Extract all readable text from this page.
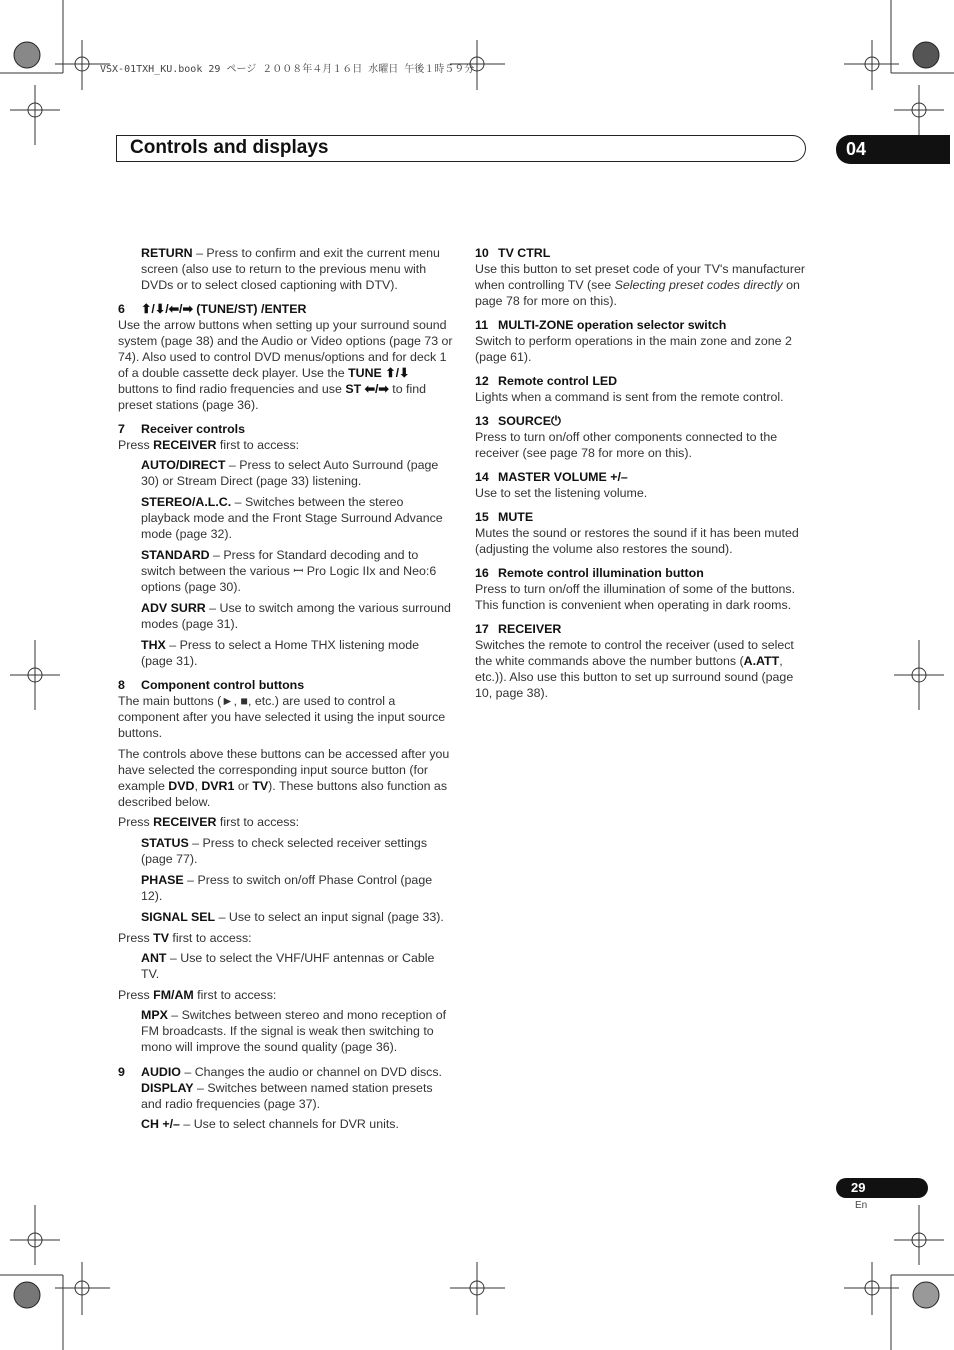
VSX-01TXH_KU.book 29 ページ ２００８年４月１６日 水曜日 午後１時５９分
Controls and displays	04

RETURN – Press to confirm and exit the current menu screen (also use to return to the previous menu with DVDs or to select closed captioning with DTV).

6 ⬆/⬇/⬅/➡ (TUNE/ST) /ENTER

Use the arrow buttons when setting up your surround sound system (page 38) and the Audio or Video options (page 73 or 74). Also used to control DVD menus/options and for deck 1 of a double cassette deck player. Use the TUNE ⬆/⬇ buttons to find radio frequencies and use ST ⬅/➡ to find preset stations (page 36).

7 Receiver controls

Press RECEIVER first to access:

AUTO/DIRECT – Press to select Auto Surround (page 30) or Stream Direct (page 33) listening.

STEREO/A.L.C. – Switches between the stereo playback mode and the Front Stage Surround Advance mode (page 32).

STANDARD – Press for Standard decoding and to switch between the various ꟷ Pro Logic IIx and Neo:6 options (page 30).

ADV SURR – Use to switch among the various surround modes (page 31).

THX – Press to select a Home THX listening mode (page 31).

8 Component control buttons

The main buttons (►, ■, etc.) are used to control a component after you have selected it using the input source buttons.

The controls above these buttons can be accessed after you have selected the corresponding input source button (for example DVD, DVR1 or TV). These buttons also function as described below.

Press RECEIVER first to access:

STATUS – Press to check selected receiver settings (page 77).

PHASE – Press to switch on/off Phase Control (page 12).

SIGNAL SEL – Use to select an input signal (page 33).

Press TV first to access:

ANT – Use to select the VHF/UHF antennas or Cable TV.

Press FM/AM first to access:

MPX – Switches between stereo and mono reception of FM broadcasts. If the signal is weak then switching to mono will improve the sound quality (page 36).

9 AUDIO – Changes the audio or channel on DVD discs.

DISPLAY – Switches between named station presets and radio frequencies (page 37).

CH +/– – Use to select channels for DVR units.

10 TV CTRL

Use this button to set preset code of your TV's manufacturer when controlling TV (see Selecting preset codes directly on page 78 for more on this).

11 MULTI-ZONE operation selector switch

Switch to perform operations in the main zone and zone 2 (page 61).

12 Remote control LED

Lights when a command is sent from the remote control.

13 SOURCE⏻

Press to turn on/off other components connected to the receiver (see page 78 for more on this).

14 MASTER VOLUME +/–

Use to set the listening volume.

15 MUTE

Mutes the sound or restores the sound if it has been muted (adjusting the volume also restores the sound).

16 Remote control illumination button

Press to turn on/off the illumination of some of the buttons. This function is convenient when operating in dark rooms.

17 RECEIVER

Switches the remote to control the receiver (used to select the white commands above the number buttons (A.ATT, etc.)). Also use this button to set up surround sound (page 10, page 38).

29
En
